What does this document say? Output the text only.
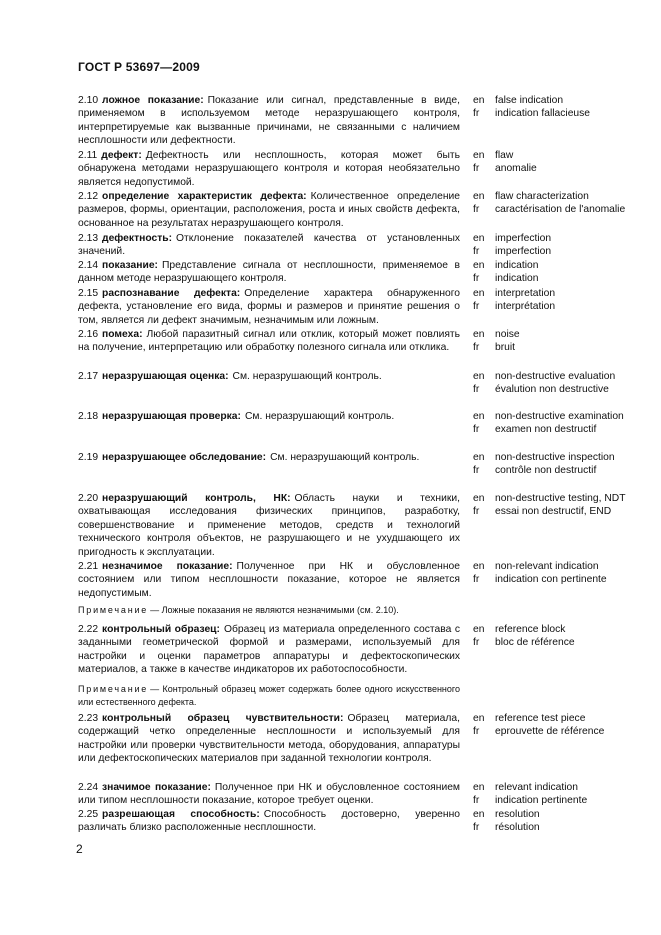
ГОСТ Р 53697—2009
2.10 ложное показание: Показание или сигнал, представленные в виде, применяемом в используемом методе неразрушающего контроля, интерпретируемые как вызванные причинами, не связанными с наличием несплошности или дефектности.
en false indication
fr indication fallacieuse
2.11 дефект: Дефектность или несплошность, которая может быть обнаружена методами неразрушающего контроля и которая необязательно является недопустимой.
en flaw
fr anomalie
2.12 определение характеристик дефекта: Количественное определение размеров, формы, ориентации, расположения, роста и иных свойств дефекта, основанное на результатах неразрушающего контроля.
en flaw characterization
fr caractérisation de l'anomalie
2.13 дефектность: Отклонение показателей качества от установленных значений.
en imperfection
fr imperfection
2.14 показание: Представление сигнала от несплошности, применяемое в данном методе неразрушающего контроля.
en indication
fr indication
2.15 распознавание дефекта: Определение характера обнаруженного дефекта, установление его вида, формы и размеров и принятие решения о том, является ли дефект значимым, незначимым или ложным.
en interpretation
fr interprétation
2.16 помеха: Любой паразитный сигнал или отклик, который может повлиять на получение, интерпретацию или обработку полезного сигнала или отклика.
en noise
fr bruit
2.17 неразрушающая оценка: См. неразрушающий контроль.	en non-destructive evaluation
fr évalution non destructive
2.18 неразрушающая проверка: См. неразрушающий контроль.	en non-destructive examination
fr examen non destructif
2.19 неразрушающее обследование: См. неразрушающий контроль.	en non-destructive inspection
fr contrôle non destructif
2.20 неразрушающий контроль, НК: Область науки и техники, охватывающая исследования физических принципов, разработку, совершенствование и применение методов, средств и технологий технического контроля объектов, не разрушающего и не ухудшающего их пригодность к эксплуатации.
en non-destructive testing, NDT
fr essai non destructif, END
2.21 незначимое показание: Полученное при НК и обусловленное состоянием или типом несплошности показание, которое не является недопустимым.
en non-relevant indication
fr indication con pertinente
Примечание — Ложные показания не являются незначимыми (см. 2.10).
2.22 контрольный образец: Образец из материала определенного состава с заданными геометрической формой и размерами, используемый для настройки и оценки параметров аппаратуры и дефектоскопических материалов, а также в качестве индикаторов их работоспособности.
en reference block
fr bloc de référence
Примечание — Контрольный образец может содержать более одного искусственного или естественного дефекта.
2.23 контрольный образец чувствительности: Образец материала, содержащий четко определенные несплошности и используемый для настройки или проверки чувствительности метода, оборудования, аппаратуры или дефектоскопических материалов при заданной технологии контроля.
en reference test piece
fr eprouvette de référence
2.24 значимое показание: Полученное при НК и обусловленное состоянием или типом несплошности показание, которое требует оценки.
en relevant indication
fr indication pertinente
2.25 разрешающая способность: Способность достоверно, уверенно различать близко расположенные несплошности.
en resolution
fr résolution
2
